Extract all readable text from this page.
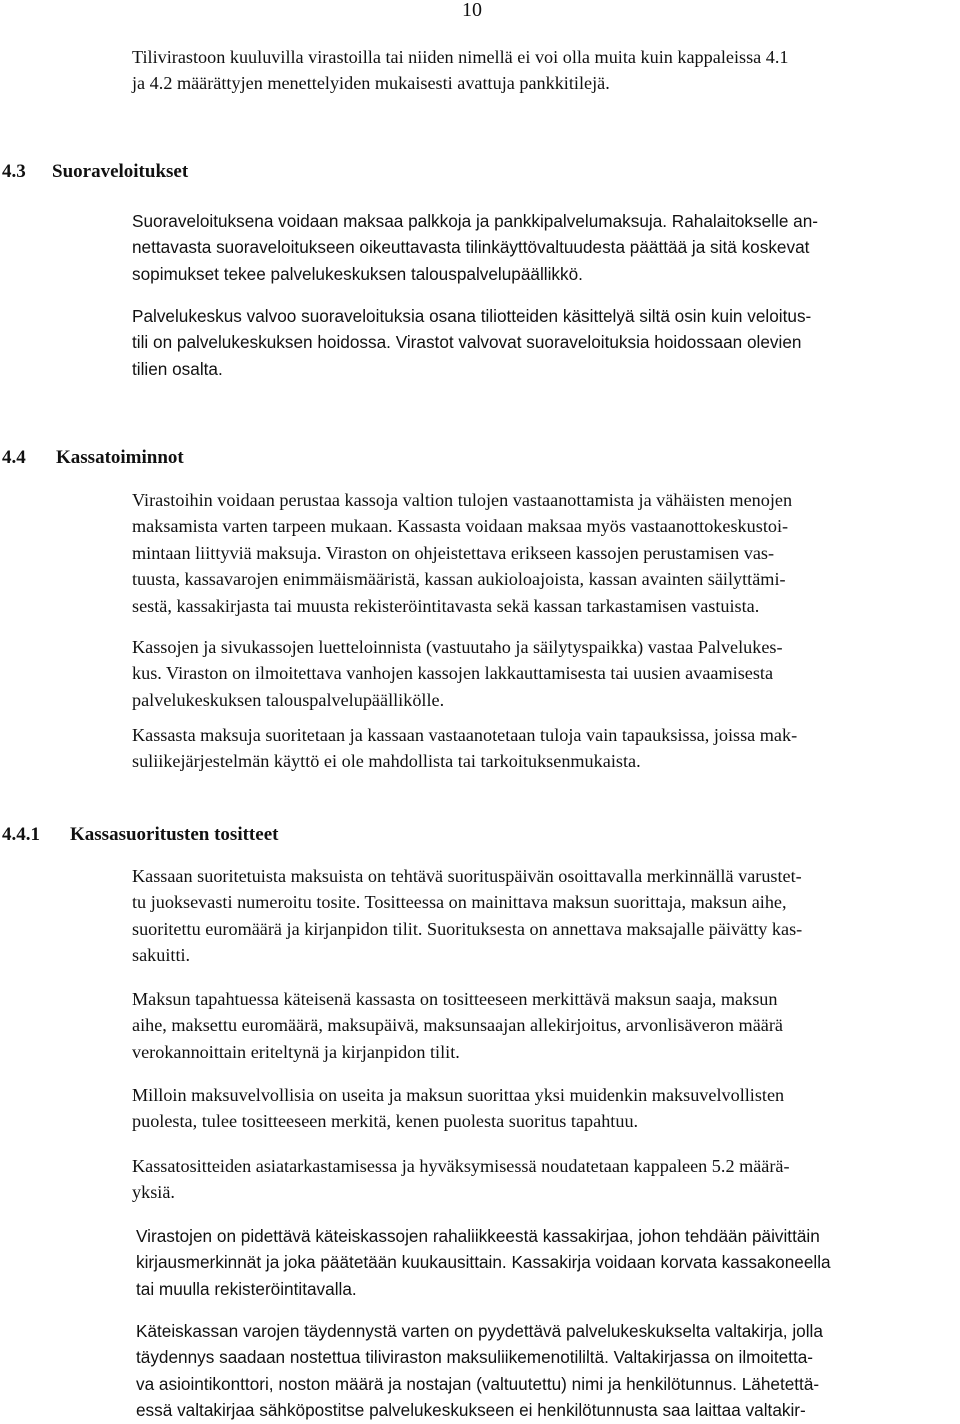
10
Tilivirastoon kuuluvilla virastoilla tai niiden nimellä ei voi olla muita kuin kappaleissa 4.1
ja 4.2 määrättyjen menettelyiden mukaisesti avattuja pankkitilejä.
4.3	Suoraveloitukset
Suoraveloituksena voidaan maksaa palkkoja ja pankkipalvelumaksuja. Rahalaitokselle an-
nettavasta suoraveloitukseen oikeuttavasta tilinkäyttövaltuudesta päättää ja sitä koskevat
sopimukset tekee palvelukeskuksen talouspalvelupäällikkö.
Palvelukeskus valvoo suoraveloituksia osana tiliotteiden käsittelyä siltä osin kuin veloitus-
tili on palvelukeskuksen hoidossa. Virastot valvovat suoraveloituksia hoidossaan olevien
tilien osalta.
4.4	Kassatoiminnot
Virastoihin voidaan perustaa kassoja valtion tulojen vastaanottamista ja vähäisten menojen
maksamista varten tarpeen mukaan. Kassasta voidaan maksaa myös vastaanottokeskustoi-
mintaan liittyviä maksuja. Viraston on ohjeistettava erikseen kassojen perustamisen vas-
tuusta, kassavarojen enimmäismääristä, kassan aukioloajoista, kassan avainten säilyttämi-
sestä, kassakirjasta tai muusta rekisteröintitavasta sekä kassan tarkastamisen vastuista.
Kassojen ja sivukassojen luetteloinnista (vastuutaho ja säilytyspaikka) vastaa Palvelukes-
kus. Viraston on ilmoitettava vanhojen kassojen lakkauttamisesta tai uusien avaamisesta
palvelukeskuksen talouspalvelupäällikölle.
Kassasta maksuja suoritetaan ja kassaan vastaanotetaan tuloja vain tapauksissa, joissa mak-
suliikejärjestelmän käyttö ei ole mahdollista tai tarkoituksenmukaista.
4.4.1	Kassasuoritusten tositteet
Kassaan suoritetuista maksuista on tehtävä suorituspäivän osoittavalla merkinnällä varustet-
tu juoksevasti numeroitu tosite. Tositteessa on mainittava maksun suorittaja, maksun aihe,
suoritettu euromäärä ja kirjanpidon tilit. Suorituksesta on annettava maksajalle päivätty kas-
sakuitti.
Maksun tapahtuessa käteisenä kassasta on tositteeseen merkittävä maksun saaja, maksun
aihe, maksettu euromäärä, maksupäivä, maksunsaajan allekirjoitus, arvonlisäveron määrä
verokannoittain eriteltynä ja kirjanpidon tilit.
Milloin maksuvelvollisia on useita ja maksun suorittaa yksi muidenkin maksuvelvollisten
puolesta, tulee tositteeseen merkitä, kenen puolesta suoritus tapahtuu.
Kassatositteiden asiatarkastamisessa ja hyväksymisessä noudatetaan kappaleen 5.2 määrä-
yksiä.
Virastojen on pidettävä käteiskassojen rahaliikkeestä kassakirjaa, johon tehdään päivittäin
kirjausmerkinnät ja joka päätetään kuukausittain. Kassakirja voidaan korvata kassakoneella
tai muulla rekisteröintitavalla.
Käteiskassan varojen täydennystä varten on pyydettävä palvelukeskukselta valtakirja, jolla
täydennys saadaan nostettua tiliviraston maksuliikemenotililtä. Valtakirjassa on ilmoitetta-
va asiointikonttori, noston määrä ja nostajan (valtuutettu) nimi ja henkilötunnus. Lähetettä-
essä valtakirjaa sähköpostitse palvelukeskukseen ei henkilötunnusta saa laittaa valtakir-
